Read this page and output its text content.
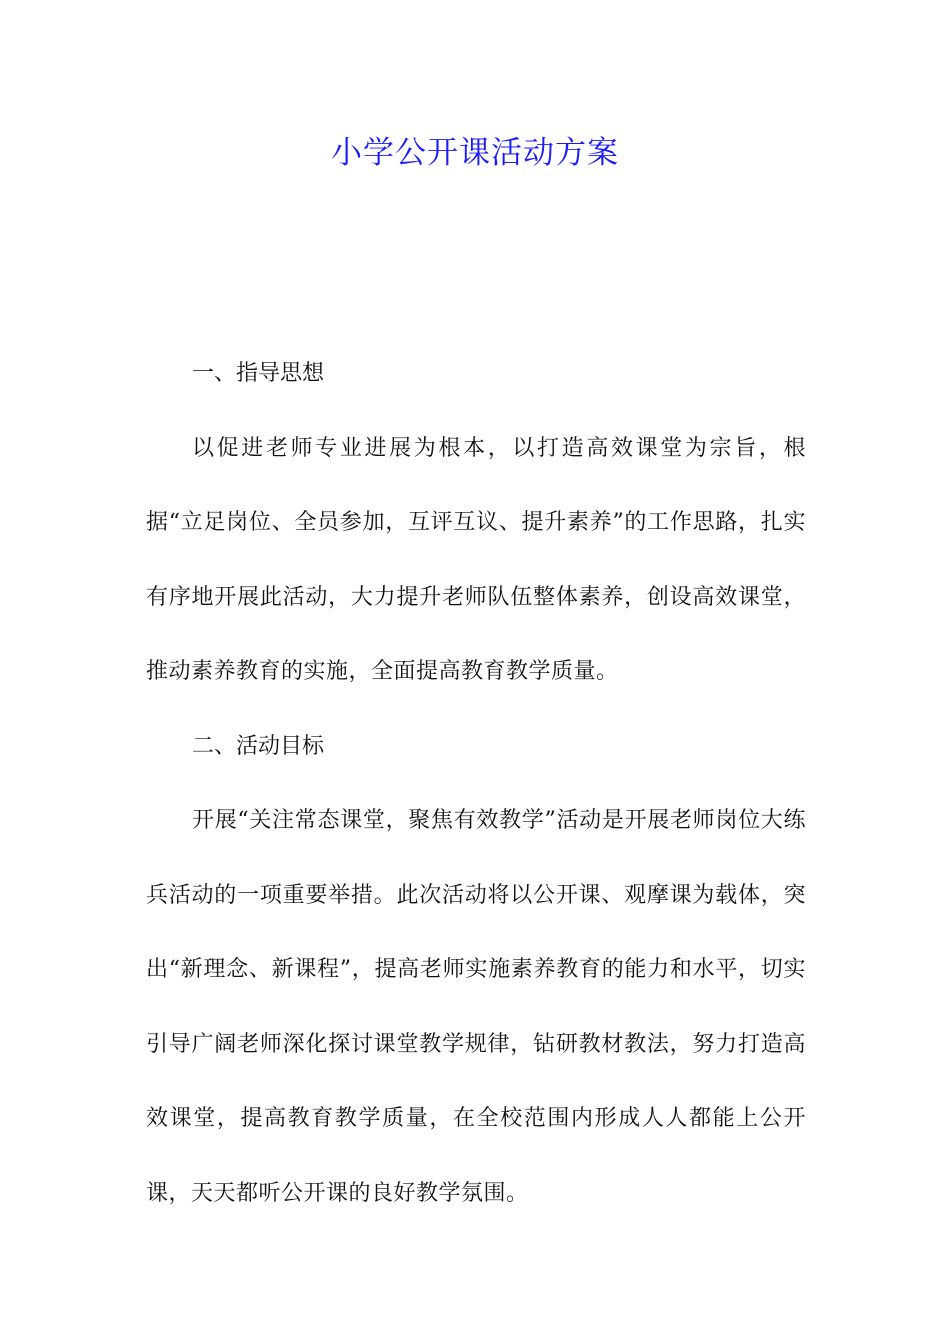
小学公开课活动方案

一、指导思想

以促进老师专业进展为根本，以打造高效课堂为宗旨，根据“立足岗位、全员参加，互评互议、提升素养”的工作思路，扎实有序地开展此活动，大力提升老师队伍整体素养，创设高效课堂，推动素养教育的实施，全面提高教育教学质量。

二、活动目标

开展“关注常态课堂，聚焦有效教学”活动是开展老师岗位大练兵活动的一项重要举措。此次活动将以公开课、观摩课为载体，突出“新理念、新课程”，提高老师实施素养教育的能力和水平，切实引导广阔老师深化探讨课堂教学规律，钻研教材教法，努力打造高效课堂，提高教育教学质量，在全校范围内形成人人都能上公开课，天天都听公开课的良好教学氛围。
